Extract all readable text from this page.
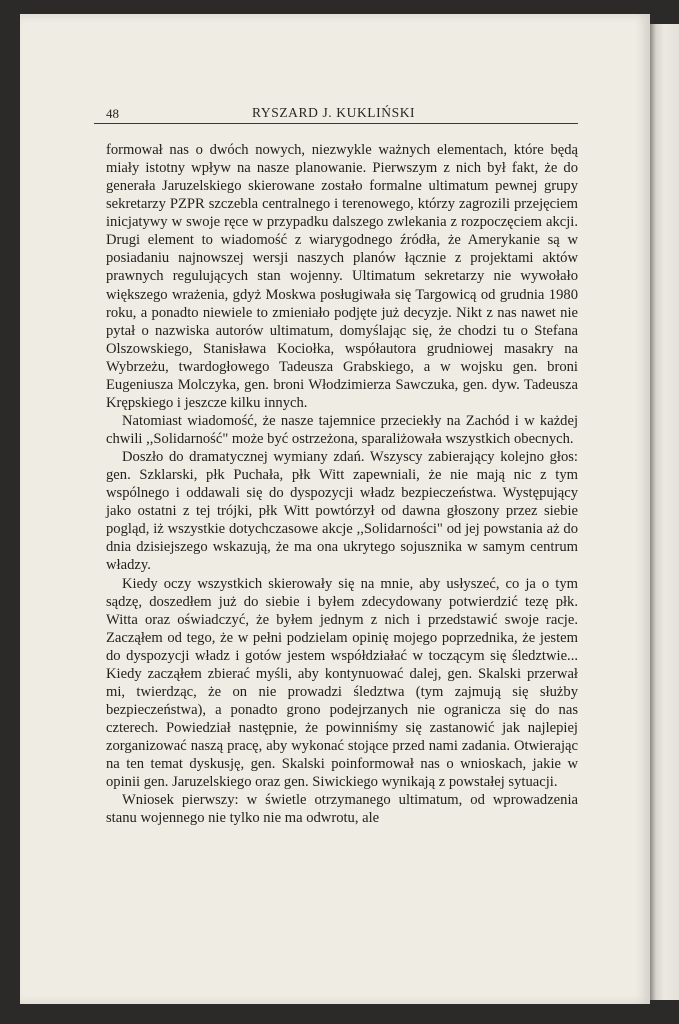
48	RYSZARD J. KUKLIŃSKI

formował nas o dwóch nowych, niezwykle ważnych elementach, które będą miały istotny wpływ na nasze planowanie. Pierwszym z nich był fakt, że do generała Jaruzelskiego skierowane zostało formalne ultimatum pewnej grupy sekretarzy PZPR szczebla centralnego i terenowego, którzy zagrozili przejęciem inicjatywy w swoje ręce w przypadku dalszego zwlekania z rozpoczęciem akcji. Drugi element to wiadomość z wiarygodnego źródła, że Amerykanie są w posiadaniu najnowszej wersji naszych planów łącznie z projektami aktów prawnych regulujących stan wojenny. Ultimatum sekretarzy nie wywołało większego wrażenia, gdyż Moskwa posługiwała się Targowicą od grudnia 1980 roku, a ponadto niewiele to zmieniało podjęte już decyzje. Nikt z nas nawet nie pytał o nazwiska autorów ultimatum, domyślając się, że chodzi tu o Stefana Olszowskiego, Stanisława Kociołka, współautora grudniowej masakry na Wybrzeżu, twardogłowego Tadeusza Grabskiego, a w wojsku gen. broni Eugeniusza Molczyka, gen. broni Włodzimierza Sawczuka, gen. dyw. Tadeusza Krępskiego i jeszcze kilku innych.

Natomiast wiadomość, że nasze tajemnice przeciekły na Zachód i w każdej chwili ,,Solidarność" może być ostrzeżona, sparaliżowała wszystkich obecnych.

Doszło do dramatycznej wymiany zdań. Wszyscy zabierający kolejno głos: gen. Szklarski, płk Puchała, płk Witt zapewniali, że nie mają nic z tym wspólnego i oddawali się do dyspozycji władz bezpieczeństwa. Występujący jako ostatni z tej trójki, płk Witt powtórzył od dawna głoszony przez siebie pogląd, iż wszystkie dotychczasowe akcje ,,Solidarności" od jej powstania aż do dnia dzisiejszego wskazują, że ma ona ukrytego sojusznika w samym centrum władzy.

Kiedy oczy wszystkich skierowały się na mnie, aby usłyszeć, co ja o tym sądzę, doszedłem już do siebie i byłem zdecydowany potwierdzić tezę płk. Witta oraz oświadczyć, że byłem jednym z nich i przedstawić swoje racje. Zacząłem od tego, że w pełni podzielam opinię mojego poprzednika, że jestem do dyspozycji władz i gotów jestem współdziałać w toczącym się śledztwie... Kiedy zacząłem zbierać myśli, aby kontynuować dalej, gen. Skalski przerwał mi, twierdząc, że on nie prowadzi śledztwa (tym zajmują się służby bezpieczeństwa), a ponadto grono podejrzanych nie ogranicza się do nas czterech. Powiedział następnie, że powinniśmy się zastanowić jak najlepiej zorganizować naszą pracę, aby wykonać stojące przed nami zadania. Otwierając na ten temat dyskusję, gen. Skalski poinformował nas o wnioskach, jakie w opinii gen. Jaruzelskiego oraz gen. Siwickiego wynikają z powstałej sytuacji.

Wniosek pierwszy: w świetle otrzymanego ultimatum, od wprowadzenia stanu wojennego nie tylko nie ma odwrotu, ale
